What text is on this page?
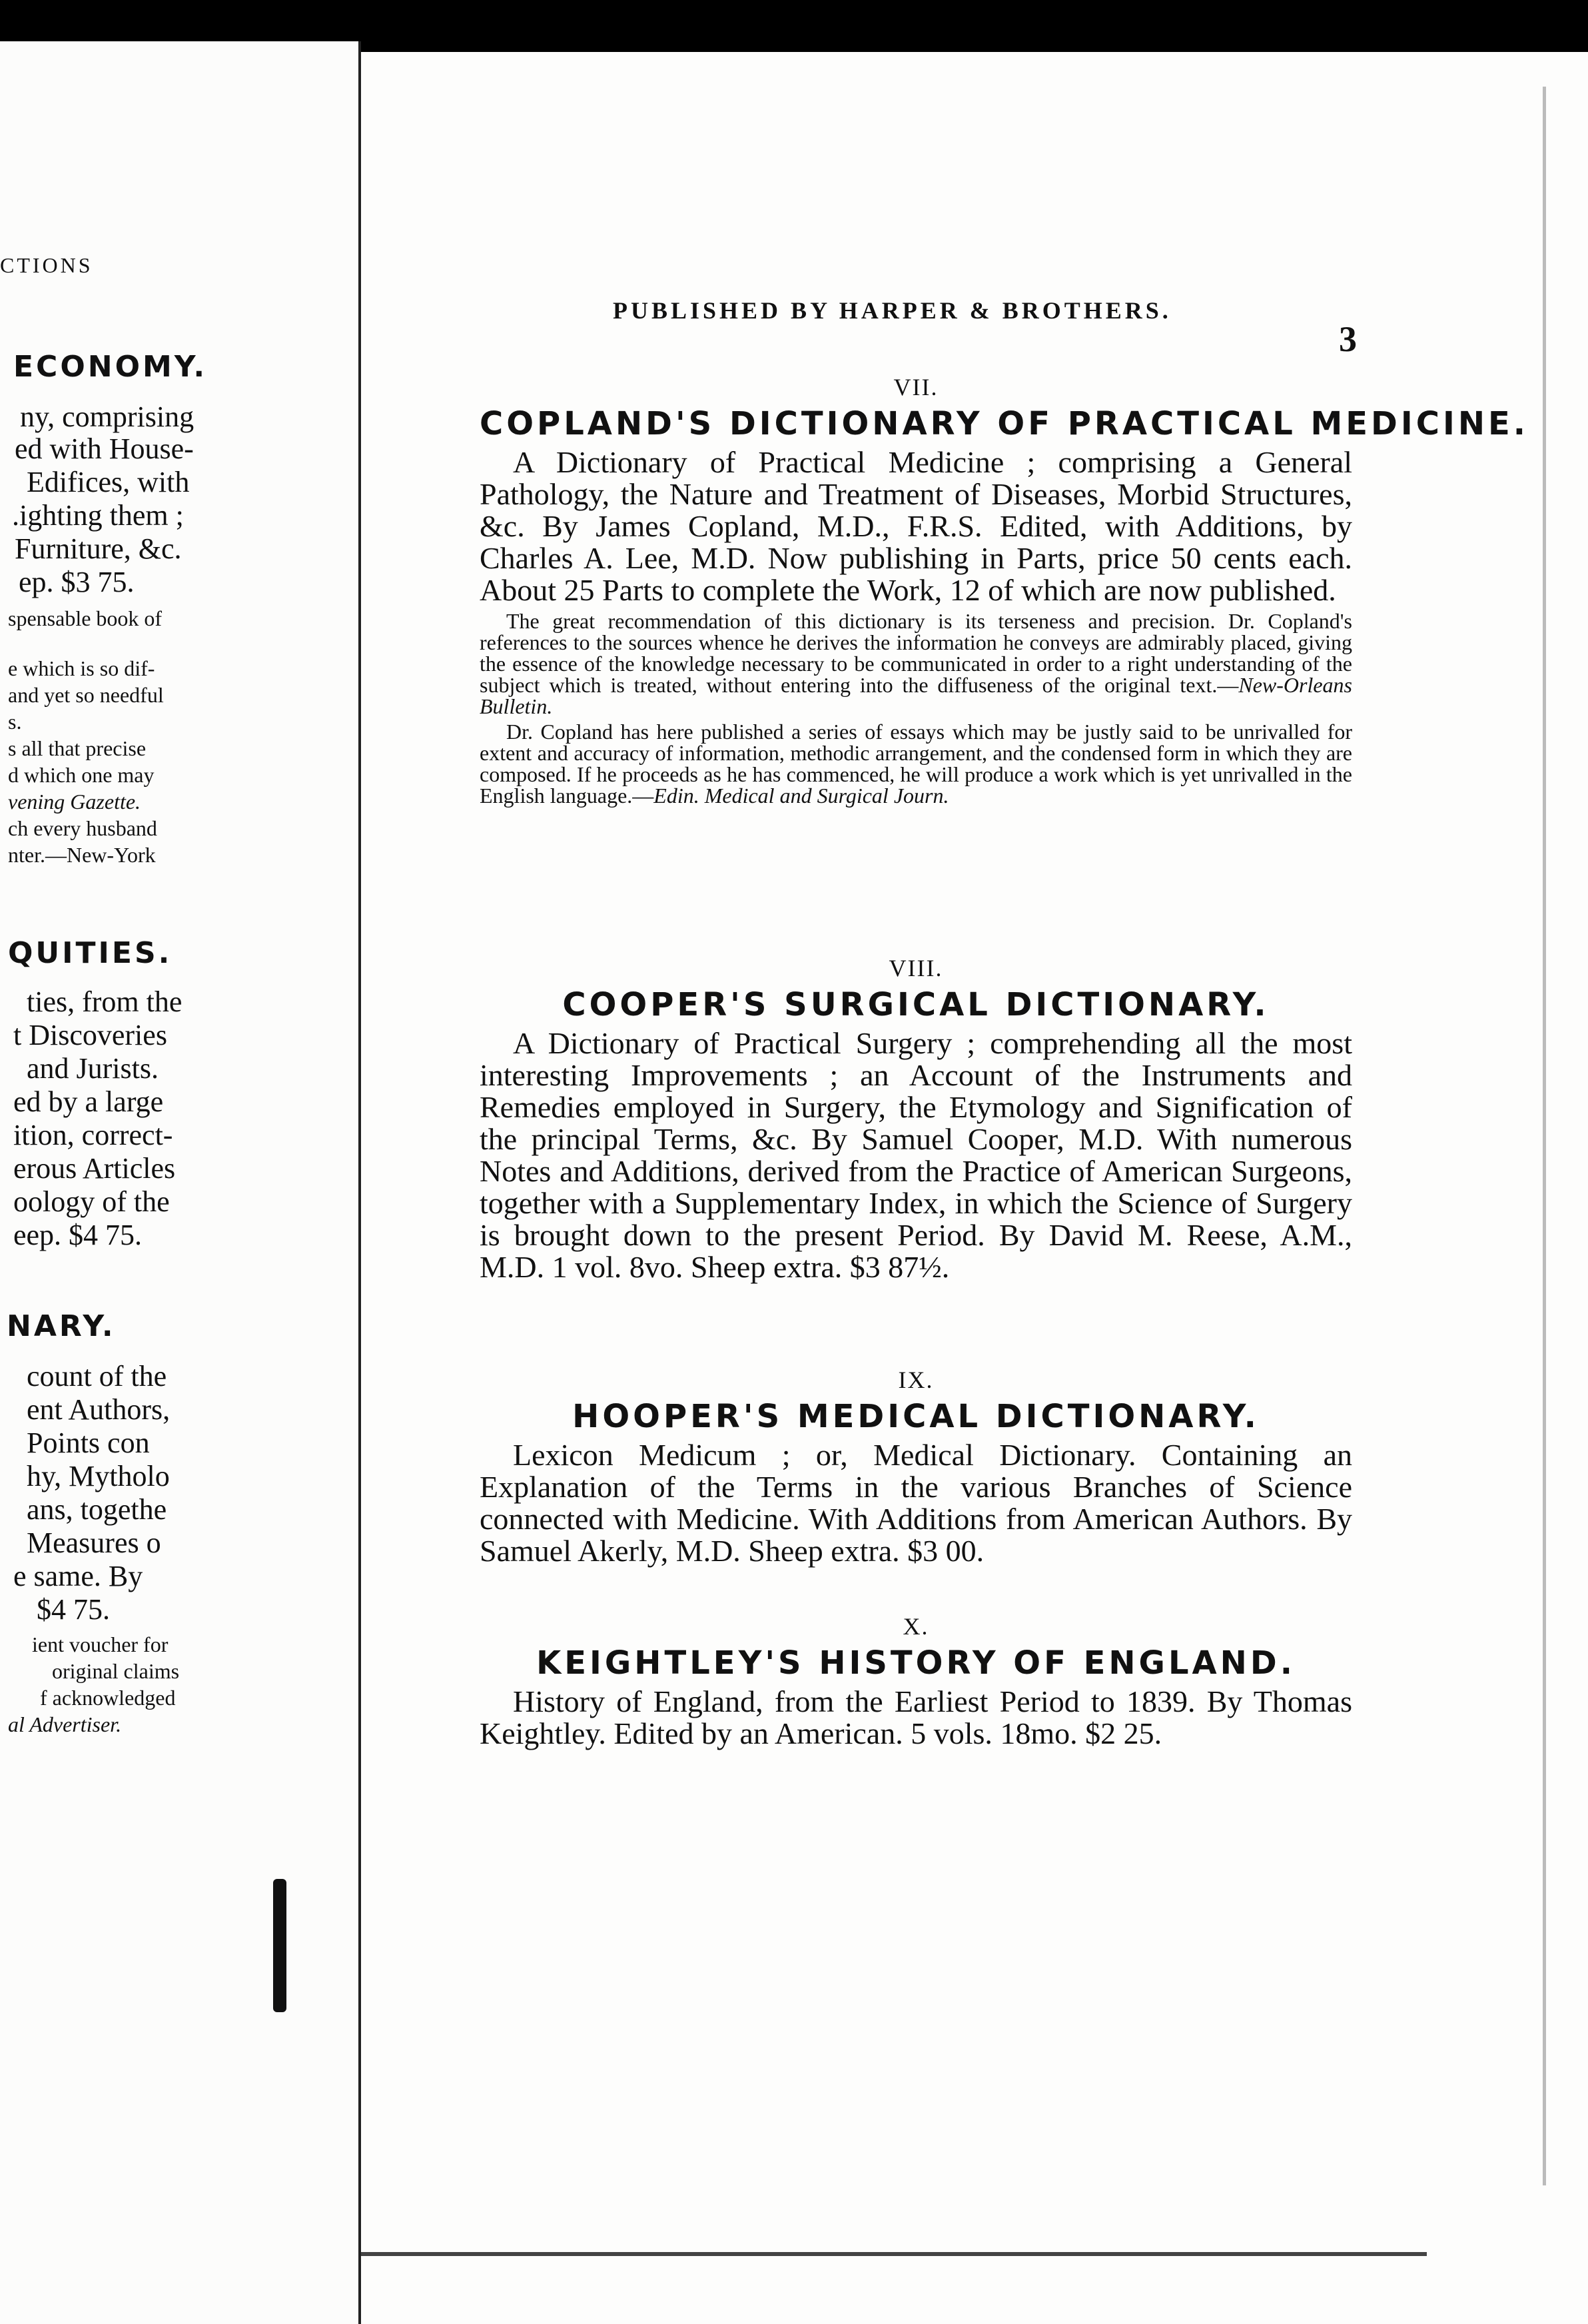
CTIONS
ECONOMY.
ny, comprising
ed with House-
Edifices, with
.ighting them ;
Furniture, &c.
ep. $3 75.
spensable book of
e which is so dif-
and yet so needful
s.
s all that precise
d which one may
vening Gazette.
ch every husband
nter.—New-York
QUITIES.
ties, from the
t Discoveries
and Jurists.
ed by a large
ition, correct-
erous Articles
oology of the
eep. $4 75.
NARY.
count of the
ent Authors,
Points con
hy, Mytholo
ans, togethe
Measures o
e same. By
$4 75.
ient voucher for
original claims
f acknowledged
al Advertiser.
PUBLISHED BY HARPER & BROTHERS.
3

VII.

COPLAND'S DICTIONARY OF PRACTICAL MEDICINE.

A Dictionary of Practical Medicine ; comprising a General Pathology, the Nature and Treatment of Diseases, Morbid Structures, &c. By James Copland, M.D., F.R.S. Edited, with Additions, by Charles A. Lee, M.D. Now publishing in Parts, price 50 cents each. About 25 Parts to complete the Work, 12 of which are now published.

The great recommendation of this dictionary is its terseness and precision. Dr. Copland's references to the sources whence he derives the information he conveys are admirably placed, giving the essence of the knowledge necessary to be communicated in order to a right understanding of the subject which is treated, without entering into the diffuseness of the original text.—New-Orleans Bulletin.

Dr. Copland has here published a series of essays which may be justly said to be unrivalled for extent and accuracy of information, methodic arrangement, and the condensed form in which they are composed. If he proceeds as he has commenced, he will produce a work which is yet unrivalled in the English language.—Edin. Medical and Surgical Journ.

VIII.

COOPER'S SURGICAL DICTIONARY.

A Dictionary of Practical Surgery ; comprehending all the most interesting Improvements ; an Account of the Instruments and Remedies employed in Surgery, the Etymology and Signification of the principal Terms, &c. By Samuel Cooper, M.D. With numerous Notes and Additions, derived from the Practice of American Surgeons, together with a Supplementary Index, in which the Science of Surgery is brought down to the present Period. By David M. Reese, A.M., M.D. 1 vol. 8vo. Sheep extra. $3 87½.

IX.

HOOPER'S MEDICAL DICTIONARY.

Lexicon Medicum ; or, Medical Dictionary. Containing an Explanation of the Terms in the various Branches of Science connected with Medicine. With Additions from American Authors. By Samuel Akerly, M.D. Sheep extra. $3 00.

X.

KEIGHTLEY'S HISTORY OF ENGLAND.

History of England, from the Earliest Period to 1839. By Thomas Keightley. Edited by an American. 5 vols. 18mo. $2 25.
